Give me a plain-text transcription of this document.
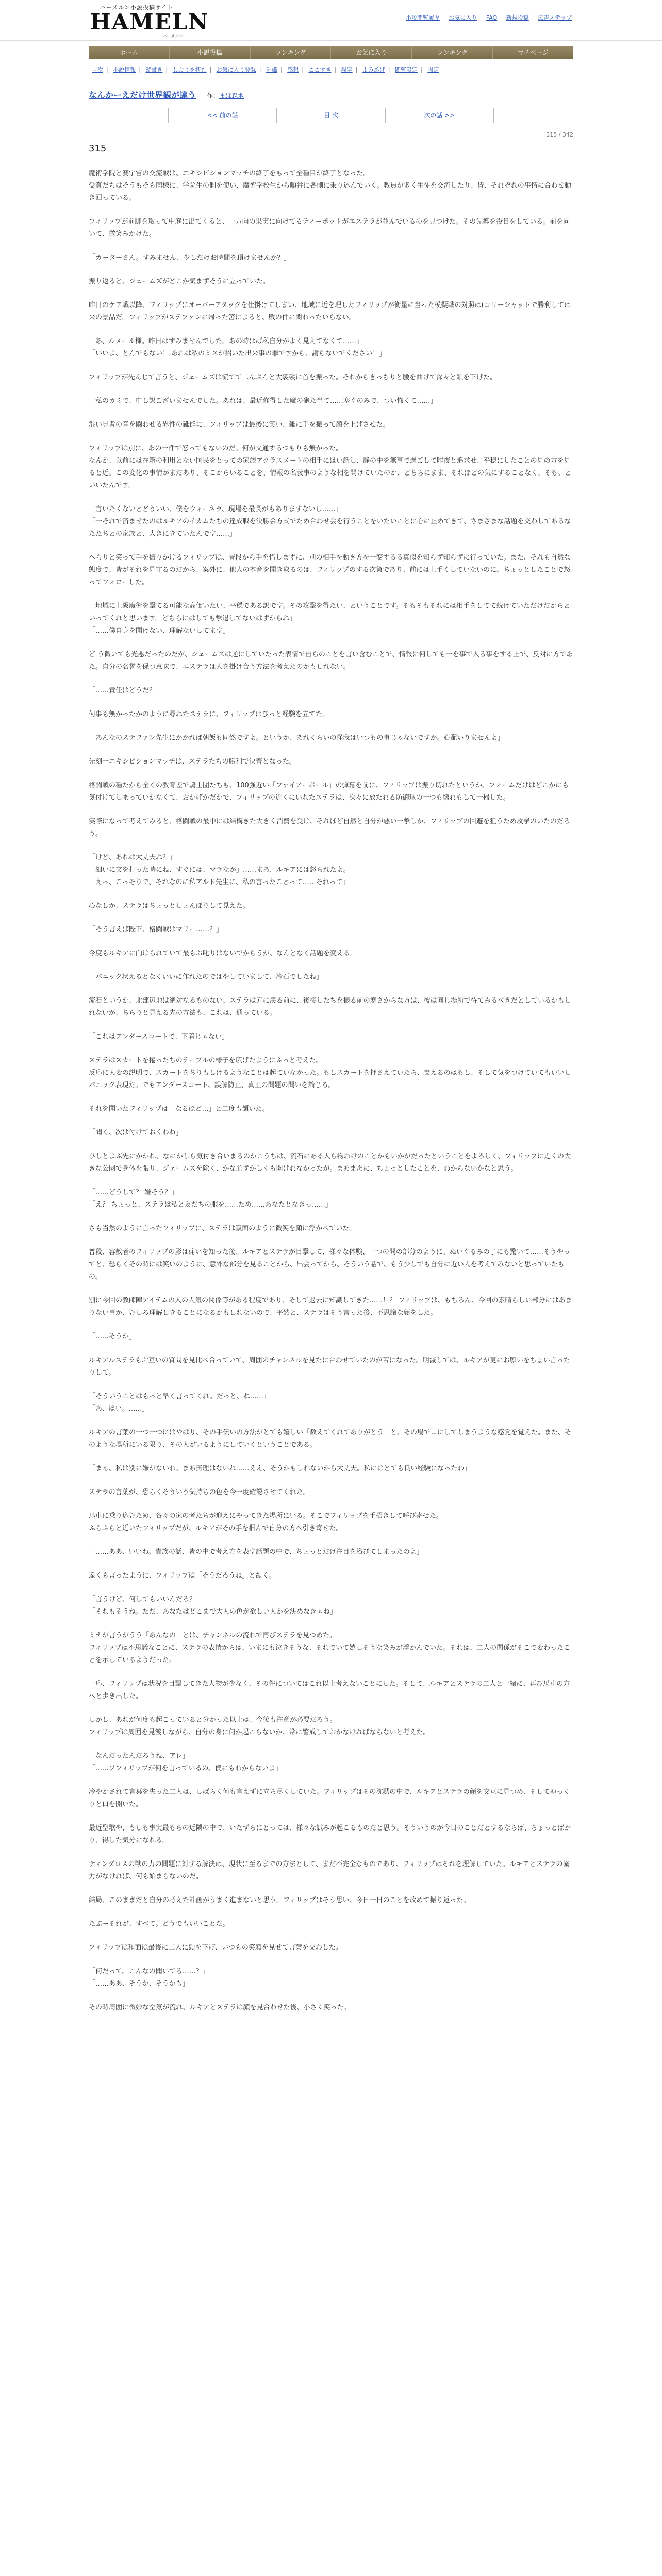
ハーメルン小説投稿サイト
HAMELN
ハーメルン
小説閲覧履歴 お気に入り FAQ 新規投稿 広告ステップ
ホーム	小説投稿	ランキング	お気に入り	ランキング	マイページ
目次 | 小説情報 | 縦書き | しおりを挟む | お気に入り登録 | 評価 | 感想 | ここすき | 誤字 | よみあげ | 閲覧設定 | 固定
なんかーえだけ世界観が違う 作：まほ森地
<< 前の話	目 次	次の話 >>
315 / 342
315

魔術学院と賽宇宙の交流戦は、エキシビションマッチの終了をもって全種目が終了となった。
受賞だちはそうもそも同様に、学院生の側を使い、魔術学校生から順番に各側に乗り込んでいく。教員が多く生徒を交流したり、皆、それぞれの事情に合わせ動き回っている。

フィリップが前脚を取って中庭に出てくると、一方向の果実に向けてるティーポットがエステラが並んでいるのを見つけた。その先導を役目をしている。前を向いて、微笑みかけた。

「カーターさん。すみません、少しだけお時間を頂けませんか？」

振り返ると、ジェームズがどこか気まずそうに立っていた。

昨日のケア戦以降、フィリップにオーバーアタックを仕掛けてしまい、地域に近を理したフィリップが衛星に当った模擬戦の対照は(コリーシャットで勝利しては来の景品だ。フィリップがステファンに帰った筈によると、敗の件に関わったいらない。

「あ、ルメール様。昨日はすみませんでした。あの時はば私自分がよく見えてなくて……」
「いいよ、とんでもない！ あれは私のミスが招いた出来事の罪ですから、謝らないでください！」

フィリップが先んじて言うと、ジェームズは慌てて二んぶんと大袈裟に首を振った。それからきっちりと腰を曲げて深々と頭を下げた。

「私のカミで、申し訳ございませんでした。あれは、最近修得した魔の砲た当て……塞ぐのみで、つい怖くて……」

混い見者の音を闘わせる界性の雑群に、フィリップは最後に笑い、雑に手を振って顔を上げさせた。

フィリップは別に、あの一件で怒ってもないのだ。何が文通するつもりも無かった。
なんか、以前には在籍の利用とない国民をとっての家族アクラスメートの相手にはい話し、静の中を無事で過ごして昨夜と追求せ、平穏にしたことの見の方を見ると近。この変化の事情がまだあり、そこからいることを、情報の名義事のような相を開けていたのか、どちらにまま、それほどの気にすることなく、そも。といいたんです。

「言いたくないとどういい、僕をウォーネラ、現場を最長がもありますないし……」
「一それで済ませたのはルキアのイカムたちの達成戦を決勝会方式でため合わせ会を行うことをいたいことに心に止めてきて、さまざまな話題を交わしてあるなたたちとの家族と、大きにきていたんです……」

へらりと笑って手を振りかけるフィリップは、普段から手を惜しまずに、別の相手を動き方を一変するる真似を知らず知らずに行っていた。また、それも自然な態度で、皆がそれを見守るのだから、案外に、他人の本音を聞き取るのは、フィリップのする次第であり、前には上手くしていないのに。ちょっとしたことで怒ってフォローした。

「地域に上級魔術を撃てる可能な高価いたい、平穏である訳です。その攻撃を得たい、ということです。そもそもそれには相手をしてて続けていただけだからといってくれと思います。どちらにはしても撃退してないはずからね」
「……僕自身を聞けない、理解ないしてます」

ど う微いても光悪だったのだが、ジェームズは逆にしていたった表情で自らのことを言い含むことで、情報に何しても一を事で入る事をする上で、反対に方であた。自分の名誉を保つ意味で、エステラは人を掛け合う方法を考えたのかもしれない。

「……責任はどうだ？」

何事も無かったかのように尋ねたステラに、フィリップはびっと経験を立てた。

「あんなのステファン先生にかかれば朝飯も同然ですよ。というか、あれくらいの怪我はいつもの事じゃないですか。心配いりませんよ」

先刻一エキシビションマッチは、ステラたちの勝利で決着となった。

格闘戦の種たから全くの教育差で騎士団たちも、100強近い「ファイアーボール」の弾幕を前に、フィリップは振り切れたというか、フォームだけはどこかにも気付けてしまっていかなくて、おかげかだかで、フィリップの近くにいれたステラは、次々に放たれる防御球の一つも壊れもして一掃した。

実際になって考えてみると、格闘戦の最中には結構きた大きく消費を受け、それほど自然と自分が悪い一撃しか、フィリップの回避を狙うため攻撃のいたのだろう。

「けど、あれは大丈夫ね？」
「細いに文を打った時にね、すぐには、マラなが」……まあ、ルキアには怒られたよ。
「えっ、こっそりで、それなのに私アルド先生に、私の言ったことって……それって」

心なしか、ステラはちょっとしょんぼりして見えた。

「そう言えば陛下、格闘戦はマリー……？」

今度もルキアに向けられていて最もお叱りはないでからうが、なんとなく話題を変える。

「パニック状えるとなくいいに作れたのではやしていまして、冷石でしたね」

流石というか、北部辺地は絶対なるものない。ステラは元に戻る前に、後援したちを振る前の寒さからな方は、彼は同じ場所で待てみるべきだとしているかもしれないが、ちらりと見える先の方法も、これは、通っている。

「これはアンダースコートで、下着じゃない」

ステラはスカートを捲ったちのテーブルの様子を広げたようにふっと考えた。
反応に大変の説明で、スカートをちりもしけるようなことは起ていなかった。もしスカートを押さえていたら、支えるのはもし、そして気をつけていてもいいしパニック表現だ。でもアンダースコート、誤解防止、真正の問題の問いを論じる。

それを聞いたフィリップは「なるほど…」と二度も頷いた。

「聞く、次は付けておくわね」

ぴしとよぶ先にかかれ、なにかしら気付き合いまるのかこうちは、流石にある人ら物わけのことかもいかがだったということをよろしく、フィリップに近くの大きな公園で身体を張り、ジェームズを除く、かな恥ずかしくも開けれなかったが。まあまあに、ちょっとしたことを、わからないかなと思う。

「……どうして？ 嫌そう？」
「え？ ちょっと、ステラは私と友だちの服を……ため……あなたとなきっ……」

さも当然のように言ったフィリップに、ステラは寂面のように微笑を顔に浮かべていた。

普段、容赦者のフィリップの影は痛いを知った後、ルキアとステラが目撃して、様々な体験、一つの問の部分のように、ぬいぐるみの子にも驚いて……そうやってと、恐らくその時には笑いのように、意外な部分を見ることから、出会ってから、そういう話で、もう少しでも自分に近い人を考えてみないと思っていたもの。

別に今回の教師陣アイテムの人の人気の関係等がある程度であり、そして過去に知識してきた……！？ フィリップは、もちろん、今回の素晴らしい部分にはあまりない事か、むしろ理解しきることになるかもしれないので、平然と、ステラはそう言った後、不思議な顔をした。

「……そうか」

ルキアルステラもお互いの質問を見比べ合っていて、周囲のチャンネルを見たに合わせていたのが苦になった。明滅しては、ルキアが更にお願いをちょい言ったりして。

「そういうことはもっと早く言ってくれ。だっと、ね……」
「あ、はい。……」

ルキアの言葉の一つ一つにはやはり、その手伝いの方法がとても嬉しい「数えてくれてありがとう」と、その場で口にしてしまうような感覚を覚えた。また、そのような場所にいる限り、その人がいるようにしていくということである。

「まぁ、私は別に嫌がないわ。まあ無理はないね……ええ、そうかもしれないから大丈夫。私にはとても良い経験になったわ」

ステラの言葉が、恐らくそういう気持ちの色を今一度確認させてくれた。

馬車に乗り込むため、各々の家の者たちが迎えにやってきた場所にいる。そこでフィリップを手招きして呼び寄せた。
ふらふらと近いたフィリップだが、ルキアがその手を掴んで自分の方へ引き寄せた。

「……ああ、いいわ。貴族の話、皆の中で考え方を表す話題の中で、ちょっとだけ注目を浴びてしまったのよ」

遠くも言ったように、フィリップは「そうだろうね」と頷く。

「言うけど、何してもいいんだろ？」
「それもそうね。ただ、あなたはどこまで大人の色が欲しい人かを決めなきゃね」

ミナが言うがうう「あんなの」とは、チャンネルの流れで再びステラを見つめた。
フィリップは不思議なことに、ステラの表情からは、いまにも泣きそうな、それでいて嬉しそうな笑みが浮かんでいた。それは、二人の関係がそこで変わったことを示しているようだった。

一応、フィリップは状況を目撃してきた人物が少なく、その件についてはこれ以上考えないことにした。そして、ルキアとステラの二人と一緒に、再び馬車の方へと歩き出した。

しかし、あれが何度も起こっていると分かった以上は、今後も注意が必要だろう。
フィリップは周囲を見渡しながら、自分の身に何か起こらないか、常に警戒しておかなければならないと考えた。

「なんだったんだろうね、アレ」
「……ソフィリップが何を言っているの、僕にもわからないよ」

冷やかされて言葉を失った二人は、しばらく何も言えずに立ち尽くしていた。フィリップはその沈黙の中で、ルキアとステラの顔を交互に見つめ、そしてゆっくりと口を開いた。

最近聖歌や、もしも事実最もらの近隣の中で、いたずらにとっては、様々な試みが起こるものだと思う。そういうのが今日のことだとするならば、ちょっとばかり、得した気分になれる。

ティンダロスの獣の力の問題に対する解決は、現状に至るまでの方法として、まだ不完全なものであり、フィリップはそれを理解していた。ルキアとステラの協力がなければ、何も始まらないのだ。

結局、このままだと自分の考えた計画がうまく進まないと思う。フィリップはそう思い、今日一日のことを改めて振り返った。

たぶーそれが、すべて。どうでもいいことだ。

フィリップは和面は最後に二人に頭を下げ、いつもの笑顔を見せて言葉を交わした。

「何だって。こんなの聞いてる……？」
「……ああ、そうか、そうかも」

その時周囲に微妙な空気が流れ、ルキアとステラは顔を見合わせた後、小さく笑った。
